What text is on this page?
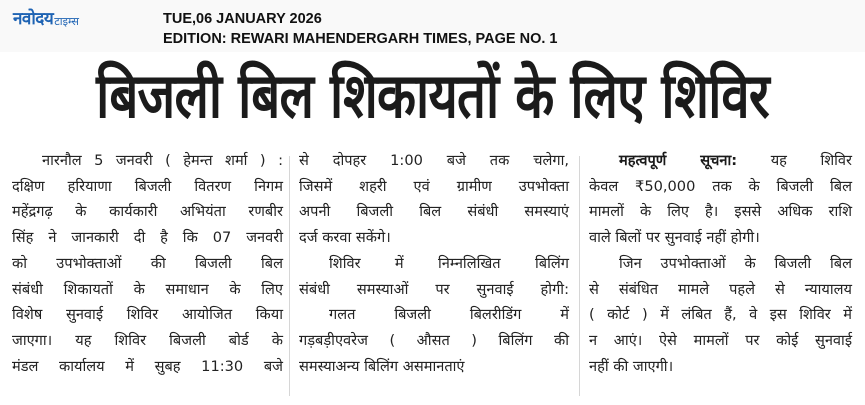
नवोदय टाइम्स	TUE,06 JANUARY 2026
EDITION: REWARI MAHENDERGARH TIMES, PAGE NO. 1
बिजली बिल शिकायतों के लिए शिविर
नारनौल 5 जनवरी ( हेमन्त शर्मा ) :
दक्षिण हरियाणा बिजली वितरण निगम
महेंद्रगढ़ के कार्यकारी अभियंता रणबीर
सिंह ने जानकारी दी है कि 07 जनवरी
को उपभोक्ताओं की बिजली बिल
संबंधी शिकायतों के समाधान के लिए
विशेष सुनवाई शिविर आयोजित किया
जाएगा। यह शिविर बिजली बोर्ड के
मंडल कार्यालय में सुबह 11:30 बजे
से दोपहर 1:00 बजे तक चलेगा,
जिसमें शहरी एवं ग्रामीण उपभोक्ता
अपनी बिजली बिल संबंधी समस्याएं
दर्ज करवा सकेंगे।
शिविर में निम्नलिखित बिलिंग
संबंधी समस्याओं पर सुनवाई होगी:
गलत बिजली बिलरीडिंग में
गड़बड़ीएवरेज ( औसत ) बिलिंग की
समस्याअन्य बिलिंग असमानताएं
महत्वपूर्ण सूचना: यह शिविर
केवल ₹50,000 तक के बिजली बिल
मामलों के लिए है। इससे अधिक राशि
वाले बिलों पर सुनवाई नहीं होगी।
जिन उपभोक्ताओं के बिजली बिल
से संबंधित मामले पहले से न्यायालय
( कोर्ट ) में लंबित हैं, वे इस शिविर में
न आएं। ऐसे मामलों पर कोई सुनवाई
नहीं की जाएगी।
